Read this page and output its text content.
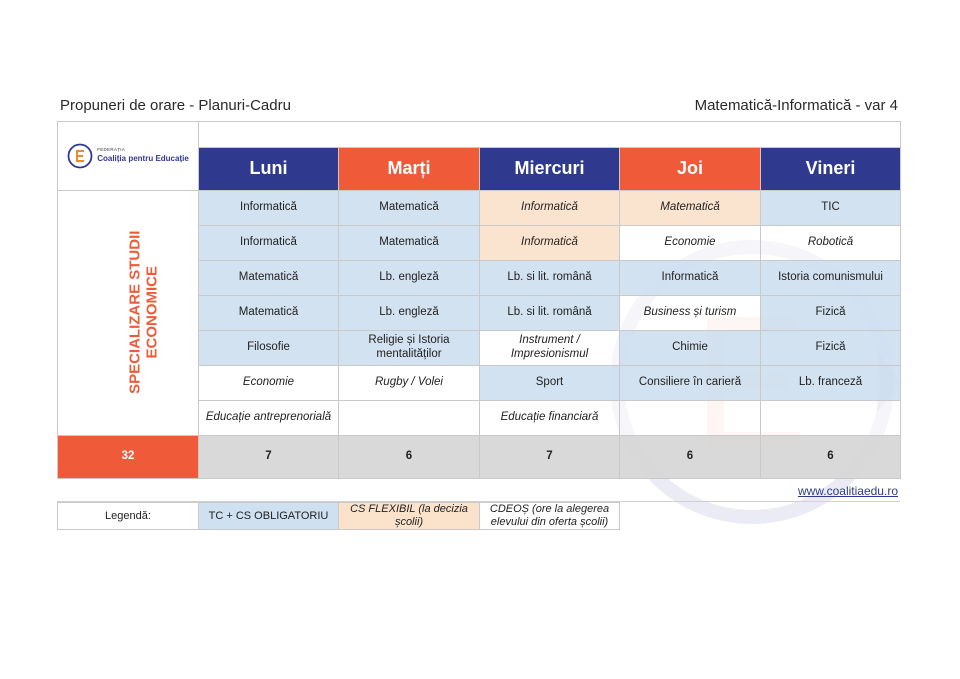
Propuneri de orare - Planuri-Cadru	Matematică-Informatică - var 4
FEDERAȚIA
Coaliția pentru Educație					

	Luni	Marți	Miercuri	Joi	Vineri
SPECIALIZARE STUDII
ECONOMICE	Informatică	Matematică	Informatică	Matematică	TIC
	Informatică	Matematică	Informatică	Economie	Robotică
	Matematică	Lb. engleză	Lb. si lit. română	Informatică	Istoria comunismului
	Matematică	Lb. engleză	Lb. si lit. română	Business și turism	Fizică
	Filosofie	Religie și Istoria mentalităților	Instrument / Impresionismul	Chimie	Fizică
	Economie	Rugby / Volei	Sport	Consiliere în carieră	Lb. franceză
	Educație antreprenorială		Educație financiară		
32	7	6	7	6	6
www.coalitiaedu.ro
Legendă:	TC + CS OBLIGATORIU	CS FLEXIBIL (la decizia școlii)	CDEOȘ (ore la alegerea elevului din oferta școlii)
